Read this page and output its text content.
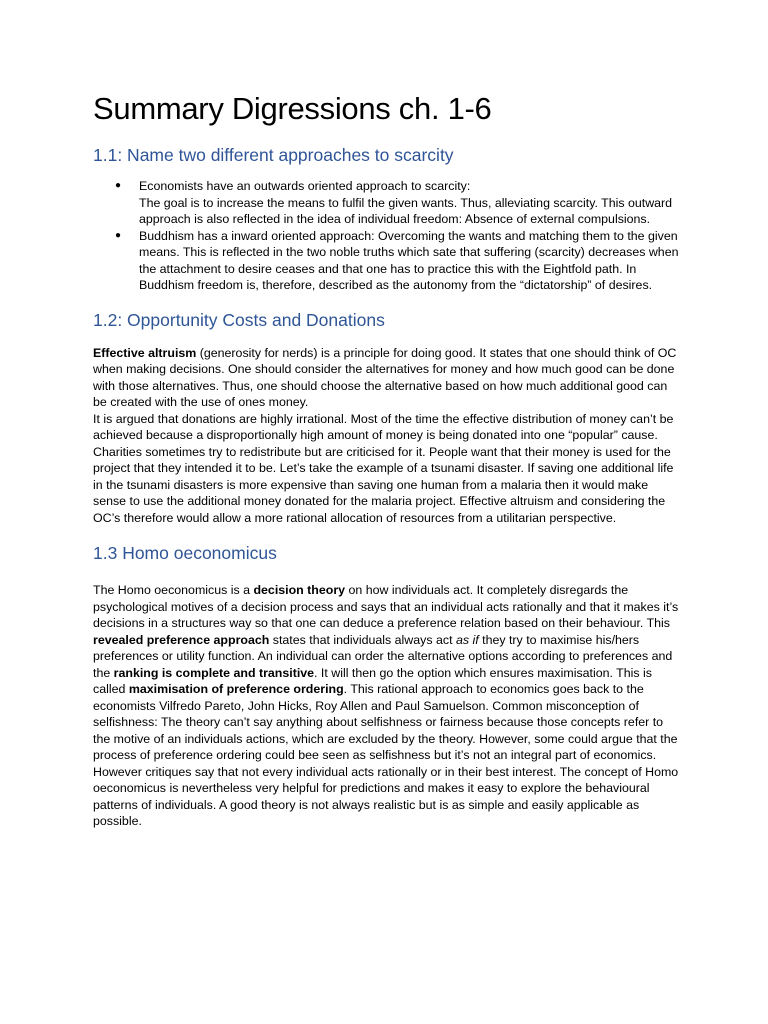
Summary Digressions ch. 1-6
1.1: Name two different approaches to scarcity
● Economists have an outwards oriented approach to scarcity:
The goal is to increase the means to fulfil the given wants. Thus, alleviating scarcity. This outward approach is also reflected in the idea of individual freedom: Absence of external compulsions.
● Buddhism has a inward oriented approach: Overcoming the wants and matching them to the given means. This is reflected in the two noble truths which sate that suffering (scarcity) decreases when the attachment to desire ceases and that one has to practice this with the Eightfold path. In Buddhism freedom is, therefore, described as the autonomy from the “dictatorship” of desires.
1.2: Opportunity Costs and Donations

Effective altruism (generosity for nerds) is a principle for doing good. It states that one should think of OC when making decisions. One should consider the alternatives for money and how much good can be done with those alternatives. Thus, one should choose the alternative based on how much additional good can be created with the use of ones money.

It is argued that donations are highly irrational. Most of the time the effective distribution of money can’t be achieved because a disproportionally high amount of money is being donated into one “popular” cause. Charities sometimes try to redistribute but are criticised for it. People want that their money is used for the project that they intended it to be. Let’s take the example of a tsunami disaster. If saving one additional life in the tsunami disasters is more expensive than saving one human from a malaria then it would make sense to use the additional money donated for the malaria project. Effective altruism and considering the OC’s therefore would allow a more rational allocation of resources from a utilitarian perspective.

1.3 Homo oeconomicus

The Homo oeconomicus is a decision theory on how individuals act. It completely disregards the psychological motives of a decision process and says that an individual acts rationally and that it makes it’s decisions in a structures way so that one can deduce a preference relation based on their behaviour. This revealed preference approach states that individuals always act as if they try to maximise his/hers preferences or utility function. An individual can order the alternative options according to preferences and the ranking is complete and transitive. It will then go the option which ensures maximisation. This is called maximisation of preference ordering. This rational approach to economics goes back to the economists Vilfredo Pareto, John Hicks, Roy Allen and Paul Samuelson. Common misconception of selfishness: The theory can’t say anything about selfishness or fairness because those concepts refer to the motive of an individuals actions, which are excluded by the theory. However, some could argue that the process of preference ordering could bee seen as selfishness but it’s not an integral part of economics.

However critiques say that not every individual acts rationally or in their best interest. The concept of Homo oeconomicus is nevertheless very helpful for predictions and makes it easy to explore the behavioural patterns of individuals. A good theory is not always realistic but is as simple and easily applicable as possible.
